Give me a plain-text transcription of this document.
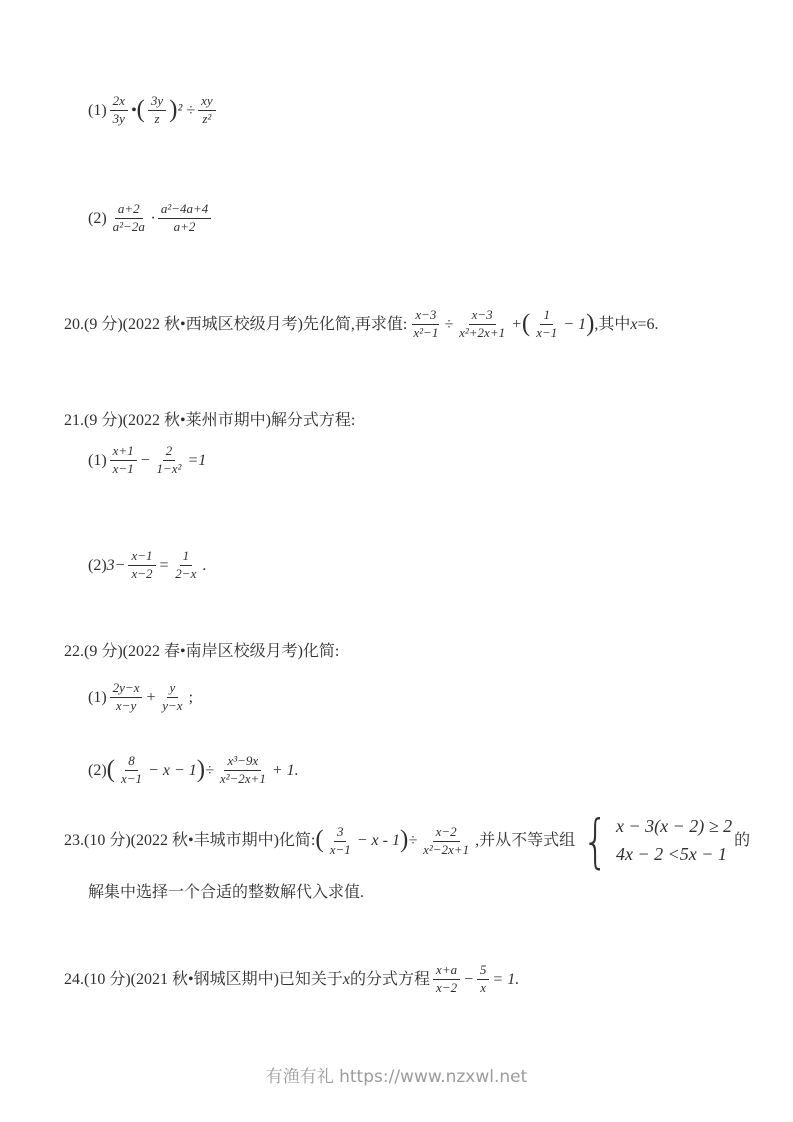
有渔有礼 https://www.nzxwl.net
$(1) \frac{2x}{3y}$ • ( $\frac{3y}{z}$ ) $^2 \div \frac{xy}{\text{z²}}$
$(2) \frac{a+2}{\text{a²−2a}} \cdot \frac{\text{a²−4a+4}}{a+2}$
20.(9 分)(2022 秋•西城区校级月考)先化简,再求值: $\frac{x-3}{\text{x²−1}} \div \frac{x-3}{\text{x²+2x+1}}$ + ( $\frac{1}{x-1} - 1$ ) ,其中 x =6.
21.(9 分)(2022 秋•莱州市期中)解分式方程:
$(1) \frac{x+1}{x-1} - \frac{2}{\text{1−x²}} =1$
(2) $3- \frac{x-1}{x-2} = \frac{1}{2-x}$ .
22.(9 分)(2022 春•南岸区校级月考)化简:
$(1) \frac{2y-x}{x-y} + \frac{y}{y-x}$ ;
(2) ( $\frac{8}{x-1} - x - 1$ ) ÷ $\frac{\text{x³−9x}}{\text{x²−2x+1}} + 1$.
23.(10 分)(2022 秋•丰城市期中)化简: ( $\frac{3}{x-1} - x - 1$ ) ÷ $\frac{x-2}{\text{x²−2x+1}}$ ,并从不等式组 { x − 3(x − 2) ≥ 2
4x − 2 <5x − 1
的
解集中选择一个合适的整数解代入求值.
24.(10 分)(2021 秋•钢城区期中)已知关于 x 的分式方程 $\frac{x+a}{x-2} - \frac{5}{x} = 1$.
